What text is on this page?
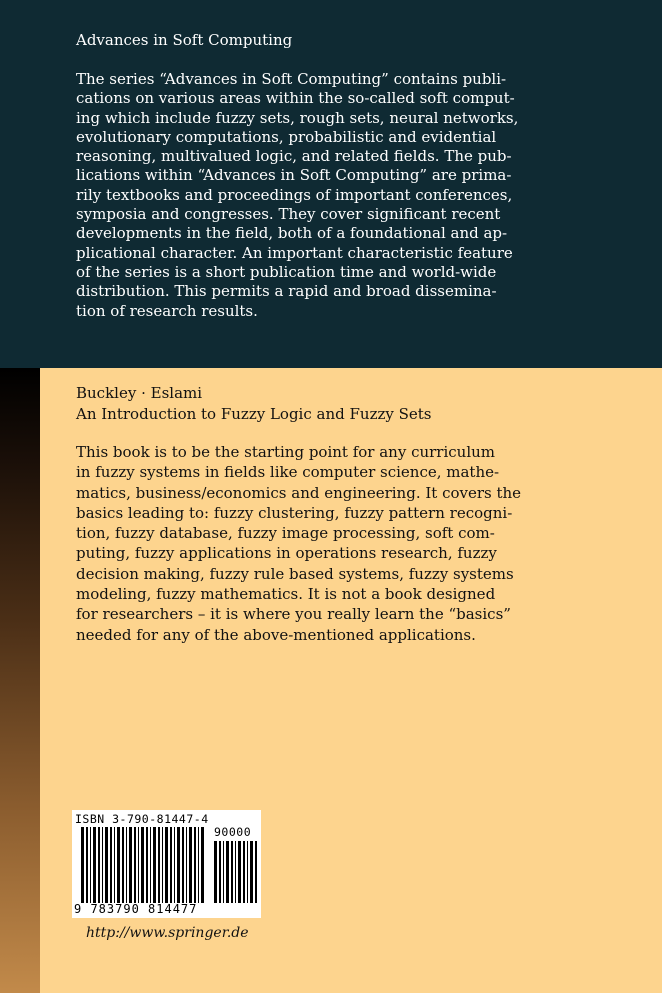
Advances in Soft Computing
The series “Advances in Soft Computing” contains publi-
cations on various areas within the so-called soft comput-
ing which include fuzzy sets, rough sets, neural networks,
evolutionary computations, probabilistic and evidential
reasoning, multivalued logic, and related fields. The pub-
lications within “Advances in Soft Computing” are prima-
rily textbooks and proceedings of important conferences,
symposia and congresses. They cover significant recent
developments in the field, both of a foundational and ap-
plicational character. An important characteristic feature
of the series is a short publication time and world-wide
distribution. This permits a rapid and broad dissemina-
tion of research results.
Buckley · Eslami
An Introduction to Fuzzy Logic and Fuzzy Sets
This book is to be the starting point for any curriculum
in fuzzy systems in fields like computer science, mathe-
matics, business/economics and engineering. It covers the
basics leading to: fuzzy clustering, fuzzy pattern recogni-
tion, fuzzy database, fuzzy image processing, soft com-
puting, fuzzy applications in operations research, fuzzy
decision making, fuzzy rule based systems, fuzzy systems
modeling, fuzzy mathematics. It is not a book designed
for researchers – it is where you really learn the “basics”
needed for any of the above-mentioned applications.
ISBN 3-790-81447-4
90000
9 783790 814477
http://www.springer.de
